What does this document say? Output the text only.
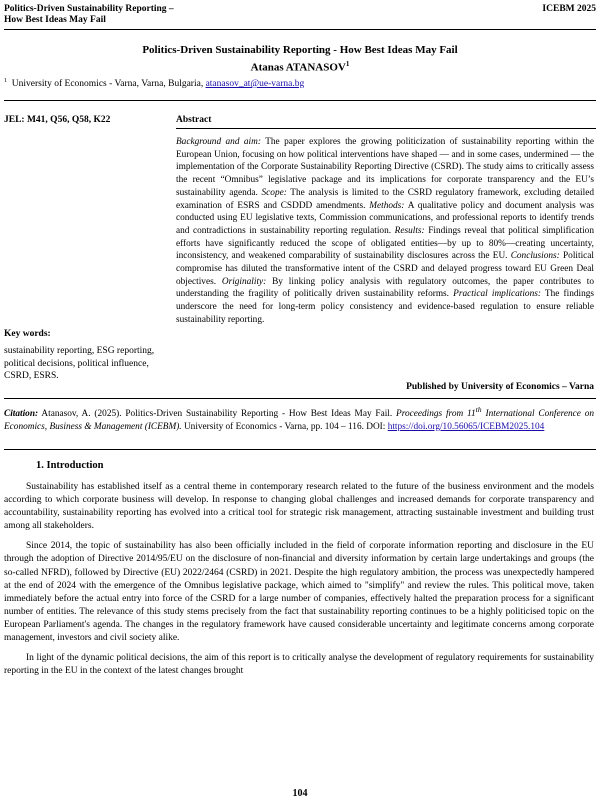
Politics-Driven Sustainability Reporting –
How Best Ideas May Fail
ICEBM 2025
Politics-Driven Sustainability Reporting - How Best Ideas May Fail
Atanas ATANASOV$^1$
$^1$ University of Economics - Varna, Varna, Bulgaria, atanasov_at@ue-varna.bg
JEL: M41, Q56, Q58, K22	Abstract
Background and aim: The paper explores the growing politicization of sustainability reporting within the European Union, focusing on how political interventions have shaped — and in some cases, undermined — the implementation of the Corporate Sustainability Reporting Directive (CSRD). The study aims to critically assess the recent “Omnibus” legislative package and its implications for corporate transparency and the EU’s sustainability agenda. Scope: The analysis is limited to the CSRD regulatory framework, excluding detailed examination of ESRS and CSDDD amendments. Methods: A qualitative policy and document analysis was conducted using EU legislative texts, Commission communications, and professional reports to identify trends and contradictions in sustainability reporting regulation. Results: Findings reveal that political simplification efforts have significantly reduced the scope of obligated entities—by up to 80%—creating uncertainty, inconsistency, and weakened comparability of sustainability disclosures across the EU. Conclusions: Political compromise has diluted the transformative intent of the CSRD and delayed progress toward EU Green Deal objectives. Originality: By linking policy analysis with regulatory outcomes, the paper contributes to understanding the fragility of politically driven sustainability reforms. Practical implications: The findings underscore the need for long-term policy consistency and evidence-based regulation to ensure reliable sustainability reporting.
Key words:
sustainability reporting, ESG reporting, political decisions, political influence, CSRD, ESRS.
Published by University of Economics – Varna
Citation: Atanasov, A. (2025). Politics-Driven Sustainability Reporting - How Best Ideas May Fail. Proceedings from 11th International Conference on Economics, Business & Management (ICEBM). University of Economics - Varna, pp. 104 – 116. DOI: https://doi.org/10.56065/ICEBM2025.104
1. Introduction

Sustainability has established itself as a central theme in contemporary research related to the future of the business environment and the models according to which corporate business will develop. In response to changing global challenges and increased demands for corporate transparency and accountability, sustainability reporting has evolved into a critical tool for strategic risk management, attracting sustainable investment and building trust among all stakeholders.

Since 2014, the topic of sustainability has also been officially included in the field of corporate information reporting and disclosure in the EU through the adoption of Directive 2014/95/EU on the disclosure of non-financial and diversity information by certain large undertakings and groups (the so-called NFRD), followed by Directive (EU) 2022/2464 (CSRD) in 2021. Despite the high regulatory ambition, the process was unexpectedly hampered at the end of 2024 with the emergence of the Omnibus legislative package, which aimed to "simplify" and review the rules. This political move, taken immediately before the actual entry into force of the CSRD for a large number of companies, effectively halted the preparation process for a significant number of entities. The relevance of this study stems precisely from the fact that sustainability reporting continues to be a highly politicised topic on the European Parliament's agenda. The changes in the regulatory framework have caused considerable uncertainty and legitimate concerns among corporate management, investors and civil society alike.

In light of the dynamic political decisions, the aim of this report is to critically analyse the development of regulatory requirements for sustainability reporting in the EU in the context of the latest changes brought

104
